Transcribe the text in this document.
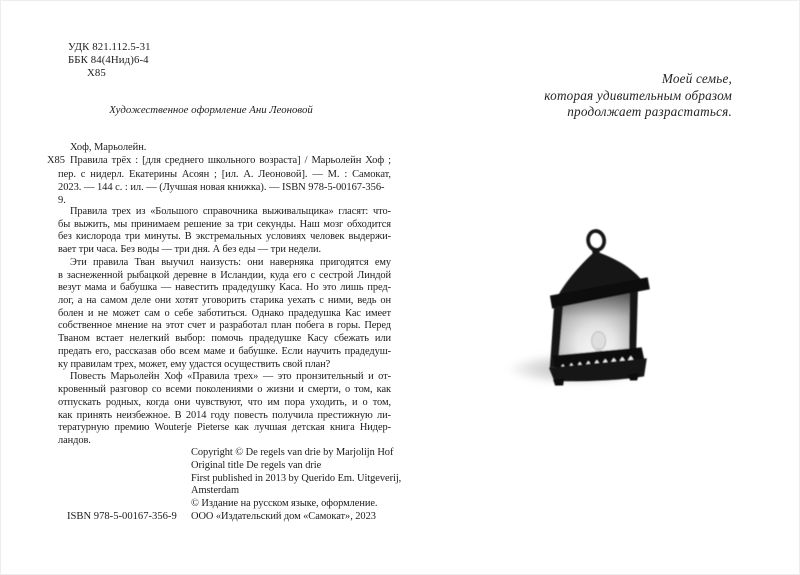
УДК 821.112.5-31
ББК 84(4Нид)6-4
Х85
Художественное оформление Ани Леоновой
Хоф, Марьолейн.
Х85 Правила трёх : [для среднего школьного возраста] / Марьолейн Хоф ;
пер. с нидерл. Екатерины Асоян ; [ил. А. Леоновой]. — М. : Самокат,
2023. — 144 с. : ил. — (Лучшая новая книжка). — ISBN 978-5-00167-356-9.
Правила трех из «Большого справочника выживальщика» гласят: что-
бы выжить, мы принимаем решение за три секунды. Наш мозг обходится
без кислорода три минуты. В экстремальных условиях человек выдержи-
вает три часа. Без воды — три дня. А без еды — три недели.
Эти правила Тван выучил наизусть: они наверняка пригодятся ему
в заснеженной рыбацкой деревне в Исландии, куда его с сестрой Линдой
везут мама и бабушка — навестить прадедушку Каса. Но это лишь пред-
лог, а на самом деле они хотят уговорить старика уехать с ними, ведь он
болен и не может сам о себе заботиться. Однако прадедушка Кас имеет
собственное мнение на этот счет и разработал план побега в горы. Перед
Тваном встает нелегкий выбор: помочь прадедушке Касу сбежать или
предать его, рассказав обо всем маме и бабушке. Если научить прадедуш-
ку правилам трех, может, ему удастся осуществить свой план?
Повесть Марьолейн Хоф «Правила трех» — это пронзительный и от-
кровенный разговор со всеми поколениями о жизни и смерти, о том, как
отпускать родных, когда они чувствуют, что им пора уходить, и о том,
как принять неизбежное. В 2014 году повесть получила престижную ли-
тературную премию Wouterje Pieterse как лучшая детская книга Нидер-
ландов.
Copyright © De regels van drie by Marjolijn Hof
Original title De regels van drie
First published in 2013 by Querido Em. Uitgeverij,
Amsterdam
© Издание на русском языке, оформление.
ООО «Издательский дом «Самокат», 2023
ISBN 978-5-00167-356-9
Моей семье,
которая удивительным образом
продолжает разрастаться.
